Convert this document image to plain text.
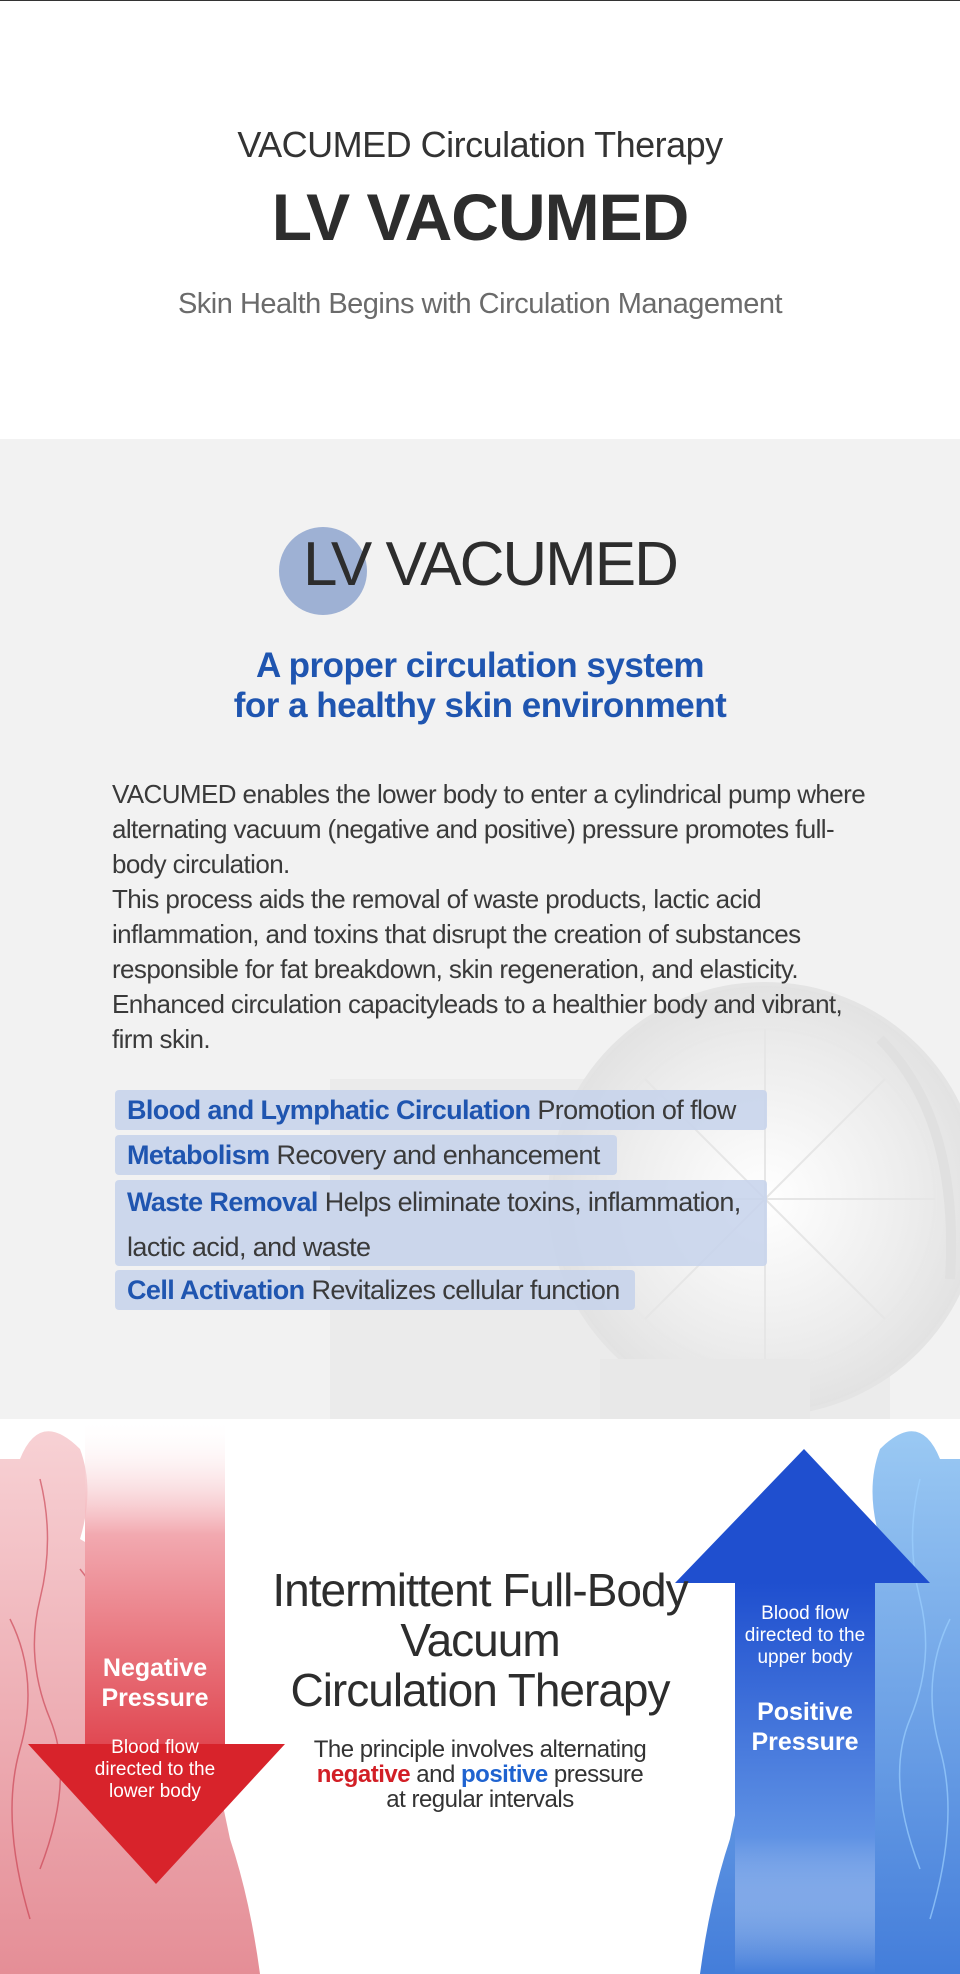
VACUMED Circulation Therapy
LV VACUMED
Skin Health Begins with Circulation Management
LV VACUMED
A proper circulation system
for a healthy skin environment

VACUMED enables the lower body to enter a cylindrical pump where alternating vacuum (negative and positive) pressure promotes full-body circulation.

This process aids the removal of waste products, lactic acid inflammation, and toxins that disrupt the creation of substances responsible for fat breakdown, skin regeneration, and elasticity.

Enhanced circulation capacityleads to a healthier body and vibrant, firm skin.

Blood and Lymphatic Circulation Promotion of flow
Metabolism Recovery and enhancement
Waste Removal Helps eliminate toxins, inflammation, lactic acid, and waste
Cell Activation Revitalizes cellular function
Negative
Pressure
Blood flow
directed to the
lower body
Blood flow
directed to the
upper body
Positive
Pressure
Intermittent Full-Body
Vacuum
Circulation Therapy
The principle involves alternating
negative and positive pressure
at regular intervals
